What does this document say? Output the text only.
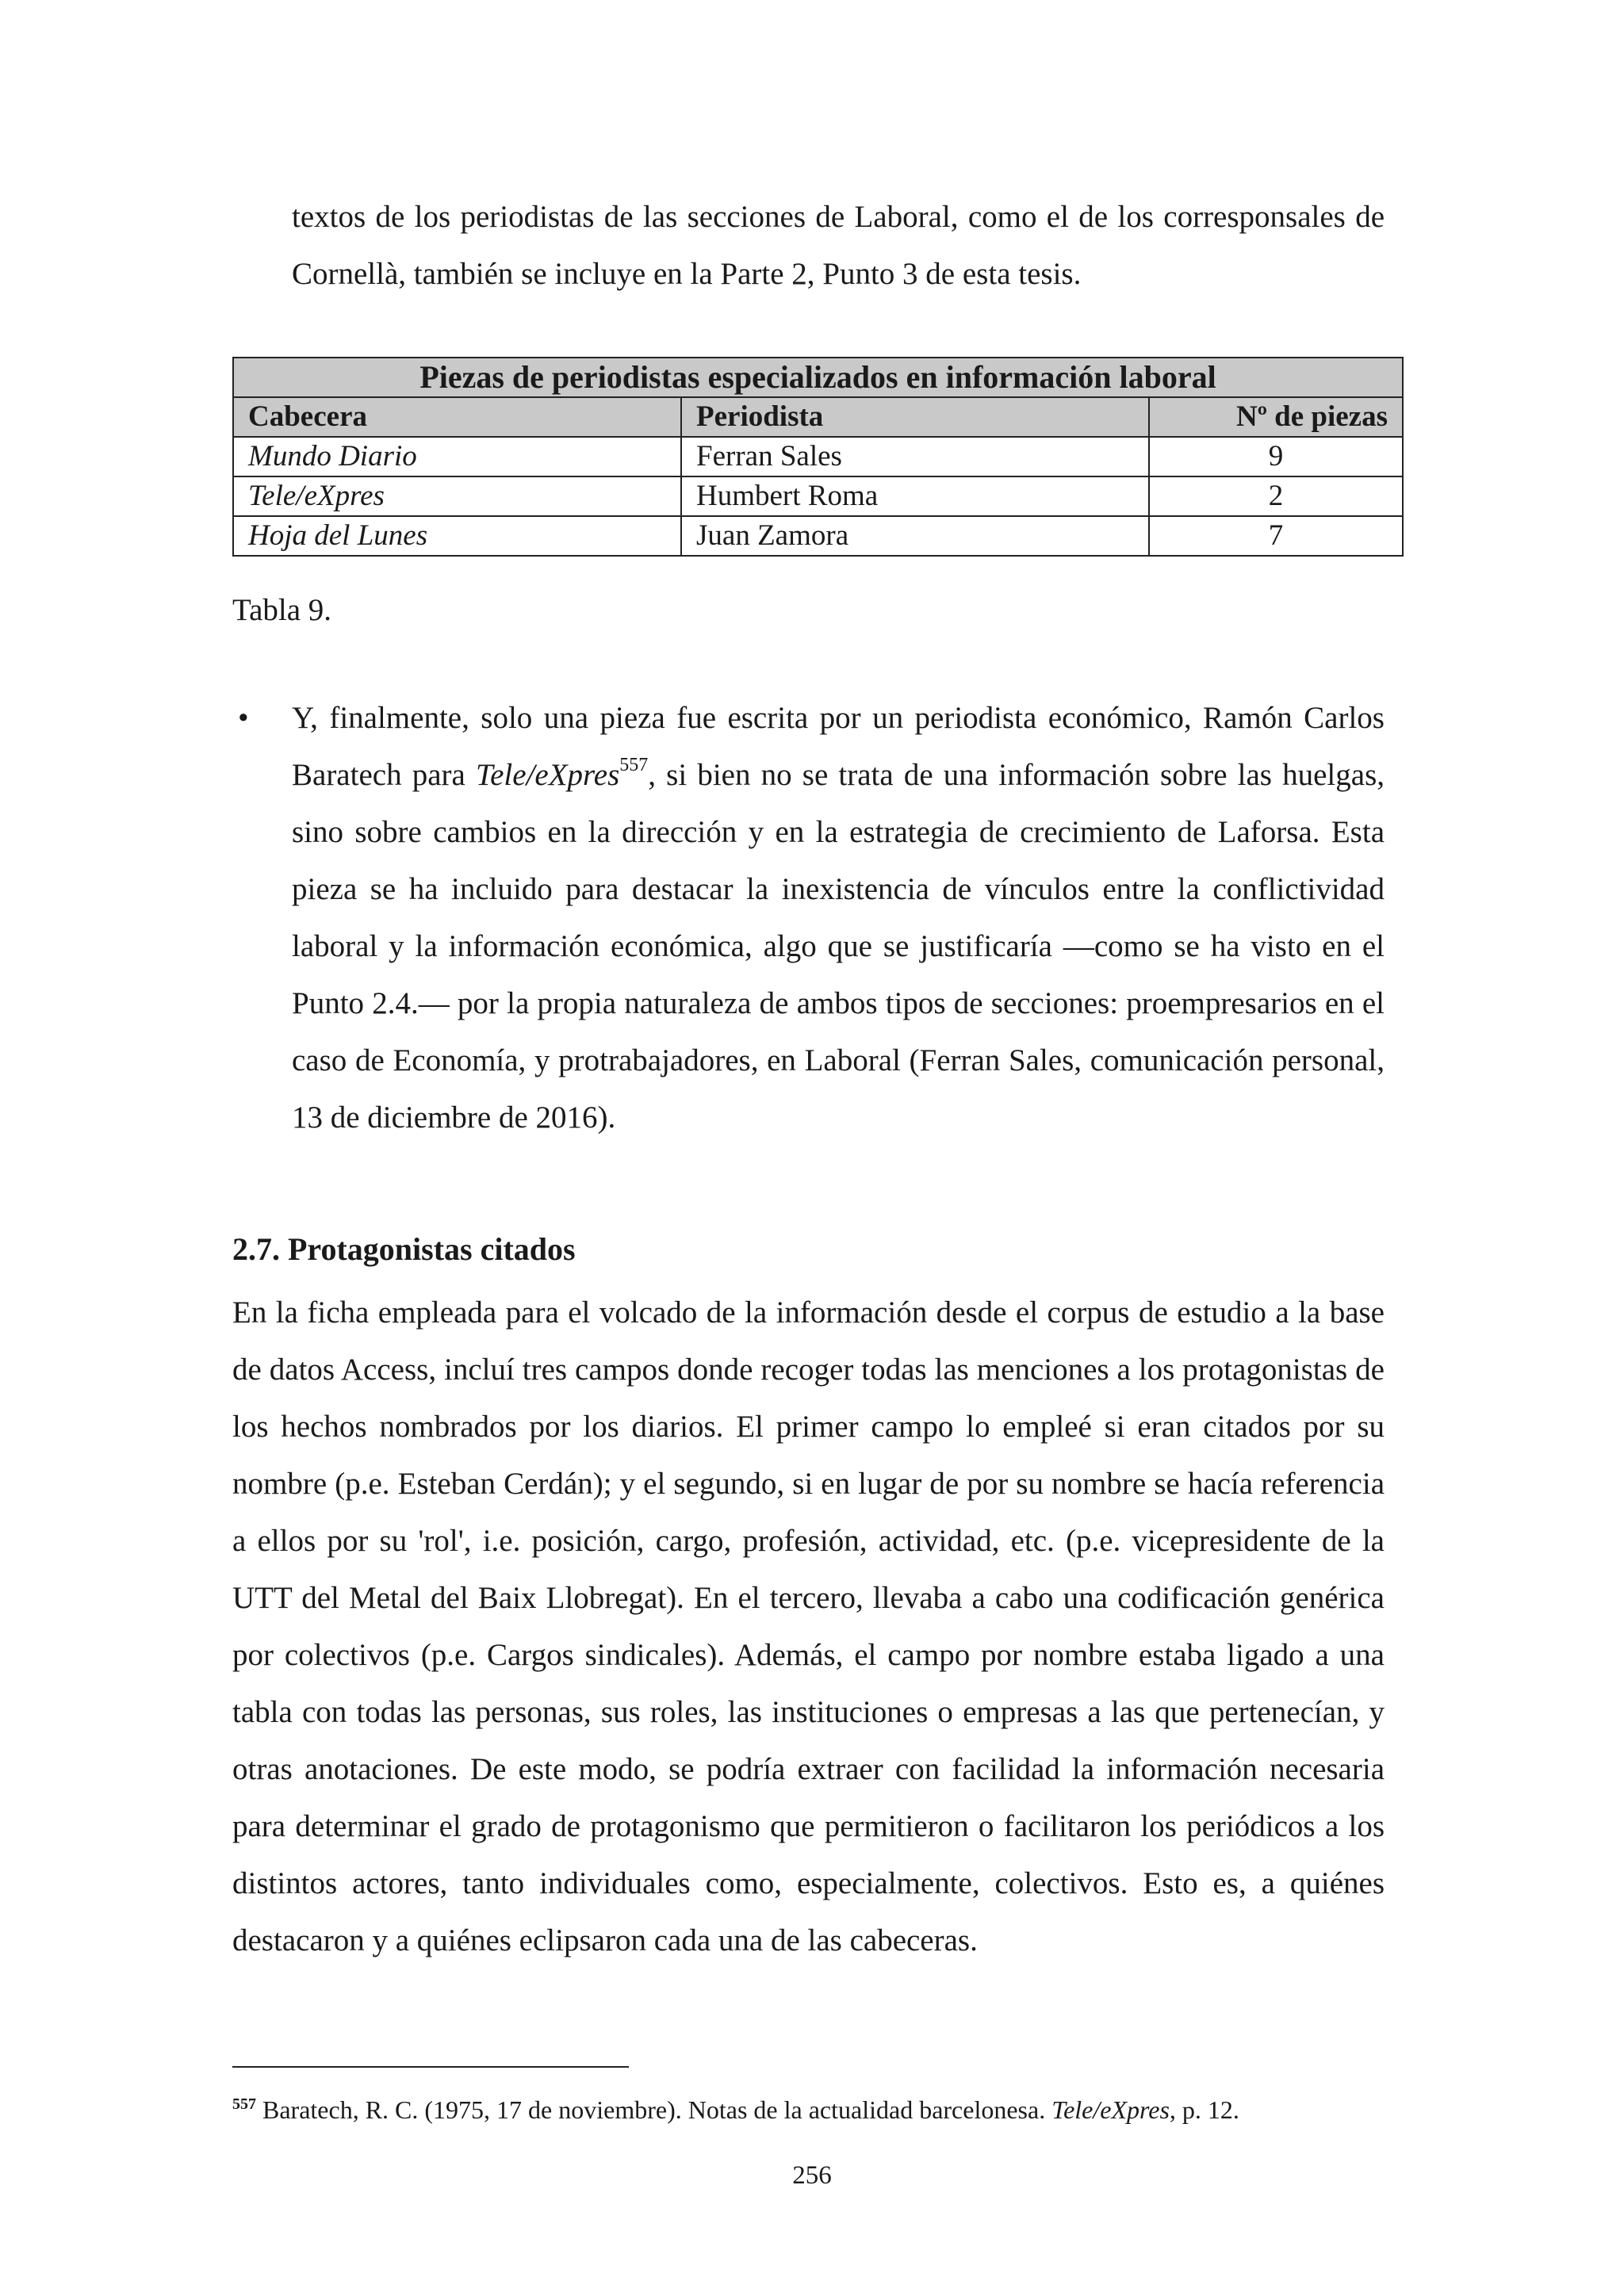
textos de los periodistas de las secciones de Laboral, como el de los corresponsales de Cornellà, también se incluye en la Parte 2, Punto 3 de esta tesis.

Piezas de periodistas especializados en información laboral		
Cabecera	Periodista	Nº de piezas
Mundo Diario	Ferran Sales	9
Tele/eXpres	Humbert Roma	2
Hoja del Lunes	Juan Zamora	7
Tabla 9.
• Y, finalmente, solo una pieza fue escrita por un periodista económico, Ramón Carlos Baratech para Tele/eXpres$^{557}$, si bien no se trata de una información sobre las huelgas, sino sobre cambios en la dirección y en la estrategia de crecimiento de Laforsa. Esta pieza se ha incluido para destacar la inexistencia de vínculos entre la conflictividad laboral y la información económica, algo que se justificaría —como se ha visto en el Punto 2.4.— por la propia naturaleza de ambos tipos de secciones: proempresarios en el caso de Economía, y protrabajadores, en Laboral (Ferran Sales, comunicación personal, 13 de diciembre de 2016).

2.7. Protagonistas citados

En la ficha empleada para el volcado de la información desde el corpus de estudio a la base de datos Access, incluí tres campos donde recoger todas las menciones a los protagonistas de los hechos nombrados por los diarios. El primer campo lo empleé si eran citados por su nombre (p.e. Esteban Cerdán); y el segundo, si en lugar de por su nombre se hacía referencia a ellos por su 'rol', i.e. posición, cargo, profesión, actividad, etc. (p.e. vicepresidente de la UTT del Metal del Baix Llobregat). En el tercero, llevaba a cabo una codificación genérica por colectivos (p.e. Cargos sindicales). Además, el campo por nombre estaba ligado a una tabla con todas las personas, sus roles, las instituciones o empresas a las que pertenecían, y otras anotaciones. De este modo, se podría extraer con facilidad la información necesaria para determinar el grado de protagonismo que permitieron o facilitaron los periódicos a los distintos actores, tanto individuales como, especialmente, colectivos. Esto es, a quiénes destacaron y a quiénes eclipsaron cada una de las cabeceras.

$^{557}$ Baratech, R. C. (1975, 17 de noviembre). Notas de la actualidad barcelonesa. Tele/eXpres, p. 12.
256
